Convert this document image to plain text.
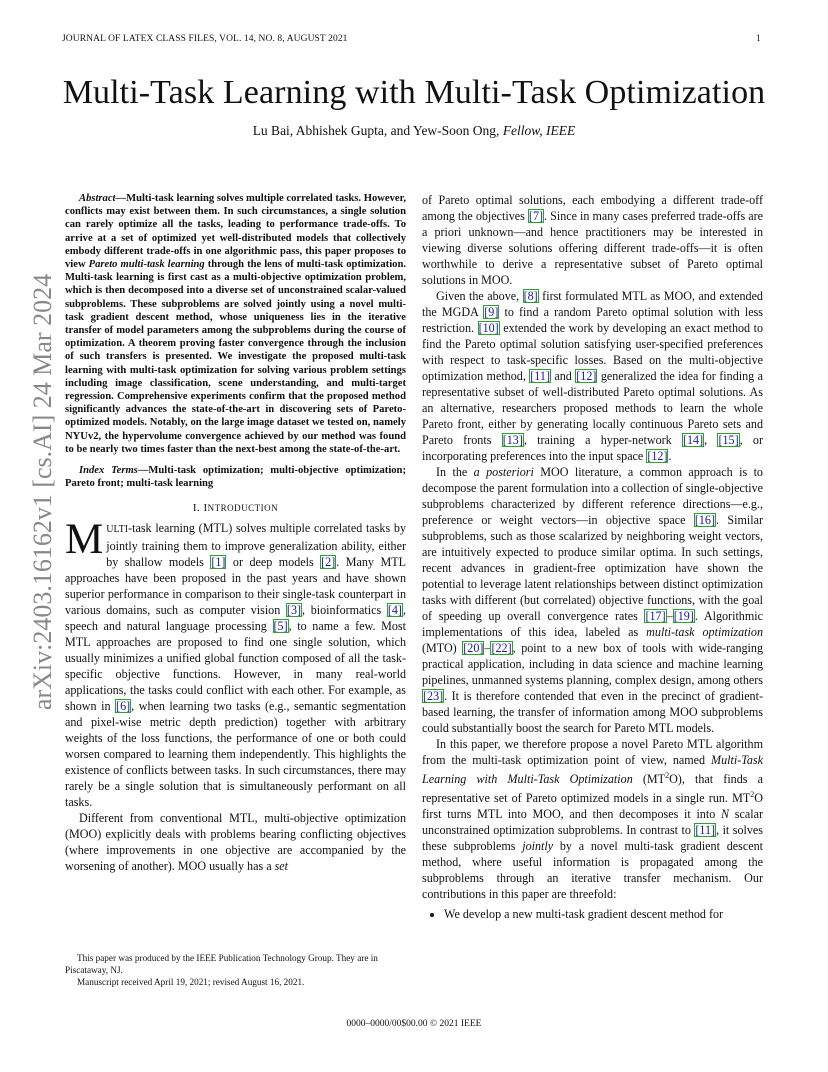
JOURNAL OF LATEX CLASS FILES, VOL. 14, NO. 8, AUGUST 2021	1
Multi-Task Learning with Multi-Task Optimization
Lu Bai, Abhishek Gupta, and Yew-Soon Ong, Fellow, IEEE
arXiv:2403.16162v1 [cs.AI] 24 Mar 2024

Abstract—Multi-task learning solves multiple correlated tasks. However, conflicts may exist between them. In such circumstances, a single solution can rarely optimize all the tasks, leading to performance trade-offs. To arrive at a set of optimized yet well-distributed models that collectively embody different trade-offs in one algorithmic pass, this paper proposes to view Pareto multi-task learning through the lens of multi-task optimization. Multi-task learning is first cast as a multi-objective optimization problem, which is then decomposed into a diverse set of unconstrained scalar-valued subproblems. These subproblems are solved jointly using a novel multi-task gradient descent method, whose uniqueness lies in the iterative transfer of model parameters among the subproblems during the course of optimization. A theorem proving faster convergence through the inclusion of such transfers is presented. We investigate the proposed multi-task learning with multi-task optimization for solving various problem settings including image classification, scene understanding, and multi-target regression. Comprehensive experiments confirm that the proposed method significantly advances the state-of-the-art in discovering sets of Pareto-optimized models. Notably, on the large image dataset we tested on, namely NYUv2, the hypervolume convergence achieved by our method was found to be nearly two times faster than the next-best among the state-of-the-art.

Index Terms—Multi-task optimization; multi-objective optimization; Pareto front; multi-task learning

I. INTRODUCTION

MULTI-task learning (MTL) solves multiple correlated tasks by jointly training them to improve generalization ability, either by shallow models [1] or deep models [2]. Many MTL approaches have been proposed in the past years and have shown superior performance in comparison to their single-task counterpart in various domains, such as computer vision [3], bioinformatics [4], speech and natural language processing [5], to name a few. Most MTL approaches are proposed to find one single solution, which usually minimizes a unified global function composed of all the task-specific objective functions. However, in many real-world applications, the tasks could conflict with each other. For example, as shown in [6], when learning two tasks (e.g., semantic segmentation and pixel-wise metric depth prediction) together with arbitrary weights of the loss functions, the performance of one or both could worsen compared to learning them independently. This highlights the existence of conflicts between tasks. In such circumstances, there may rarely be a single solution that is simultaneously performant on all tasks.

Different from conventional MTL, multi-objective optimization (MOO) explicitly deals with problems bearing conflicting objectives (where improvements in one objective are accompanied by the worsening of another). MOO usually has a set

This paper was produced by the IEEE Publication Technology Group. They are in Piscataway, NJ.

Manuscript received April 19, 2021; revised August 16, 2021.

of Pareto optimal solutions, each embodying a different trade-off among the objectives [7]. Since in many cases preferred trade-offs are a priori unknown—and hence practitioners may be interested in viewing diverse solutions offering different trade-offs—it is often worthwhile to derive a representative subset of Pareto optimal solutions in MOO.

Given the above, [8] first formulated MTL as MOO, and extended the MGDA [9] to find a random Pareto optimal solution with less restriction. [10] extended the work by developing an exact method to find the Pareto optimal solution satisfying user-specified preferences with respect to task-specific losses. Based on the multi-objective optimization method, [11] and [12] generalized the idea for finding a representative subset of well-distributed Pareto optimal solutions. As an alternative, researchers proposed methods to learn the whole Pareto front, either by generating locally continuous Pareto sets and Pareto fronts [13], training a hyper-network [14], [15], or incorporating preferences into the input space [12].

In the a posteriori MOO literature, a common approach is to decompose the parent formulation into a collection of single-objective subproblems characterized by different reference directions—e.g., preference or weight vectors—in objective space [16]. Similar subproblems, such as those scalarized by neighboring weight vectors, are intuitively expected to produce similar optima. In such settings, recent advances in gradient-free optimization have shown the potential to leverage latent relationships between distinct optimization tasks with different (but correlated) objective functions, with the goal of speeding up overall convergence rates [17]–[19]. Algorithmic implementations of this idea, labeled as multi-task optimization (MTO) [20]–[22], point to a new box of tools with wide-ranging practical application, including in data science and machine learning pipelines, unmanned systems planning, complex design, among others [23]. It is therefore contended that even in the precinct of gradient-based learning, the transfer of information among MOO subproblems could substantially boost the search for Pareto MTL models.

In this paper, we therefore propose a novel Pareto MTL algorithm from the multi-task optimization point of view, named Multi-Task Learning with Multi-Task Optimization $(MT^2O)$, that finds a representative set of Pareto optimized models in a single run. $MT^2O$ first turns MTL into MOO, and then decomposes it into N scalar unconstrained optimization subproblems. In contrast to [11], it solves these subproblems jointly by a novel multi-task gradient descent method, where useful information is propagated among the subproblems through an iterative transfer mechanism. Our contributions in this paper are threefold:

• We develop a new multi-task gradient descent method for
0000–0000/00$00.00 © 2021 IEEE
